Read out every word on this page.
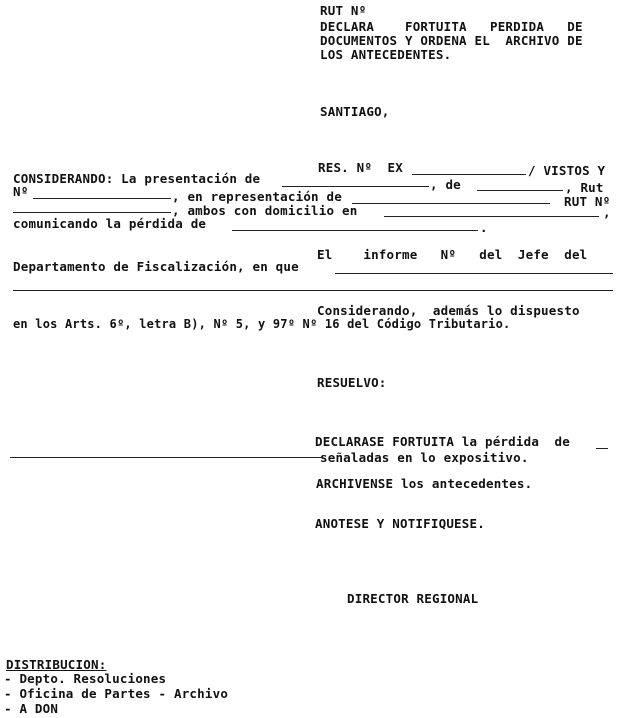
RUT Nº
DECLARA    FORTUITA   PERDIDA   DE
DOCUMENTOS Y ORDENA EL  ARCHIVO DE
LOS ANTECEDENTES.
SANTIAGO,
RES. Nº  EX	/ VISTOS Y
CONSIDERANDO: La presentación de	, de	, Rut
Nº	, en representación de	RUT Nº
, ambos con domicilio en	,
comunicando la pérdida de	.
El    informe   Nº   del  Jefe  del
Departamento de Fiscalización, en que
Considerando,  además lo dispuesto
en los Arts. 6º, letra B), Nº 5, y 97º Nº 16 del Código Tributario.
RESUELVO:
DECLARASE FORTUITA la pérdida  de
señaladas en lo expositivo.
ARCHIVENSE los antecedentes.
ANOTESE Y NOTIFIQUESE.
DIRECTOR REGIONAL
DISTRIBUCION:
- Depto. Resoluciones
- Oficina de Partes - Archivo
- A DON
